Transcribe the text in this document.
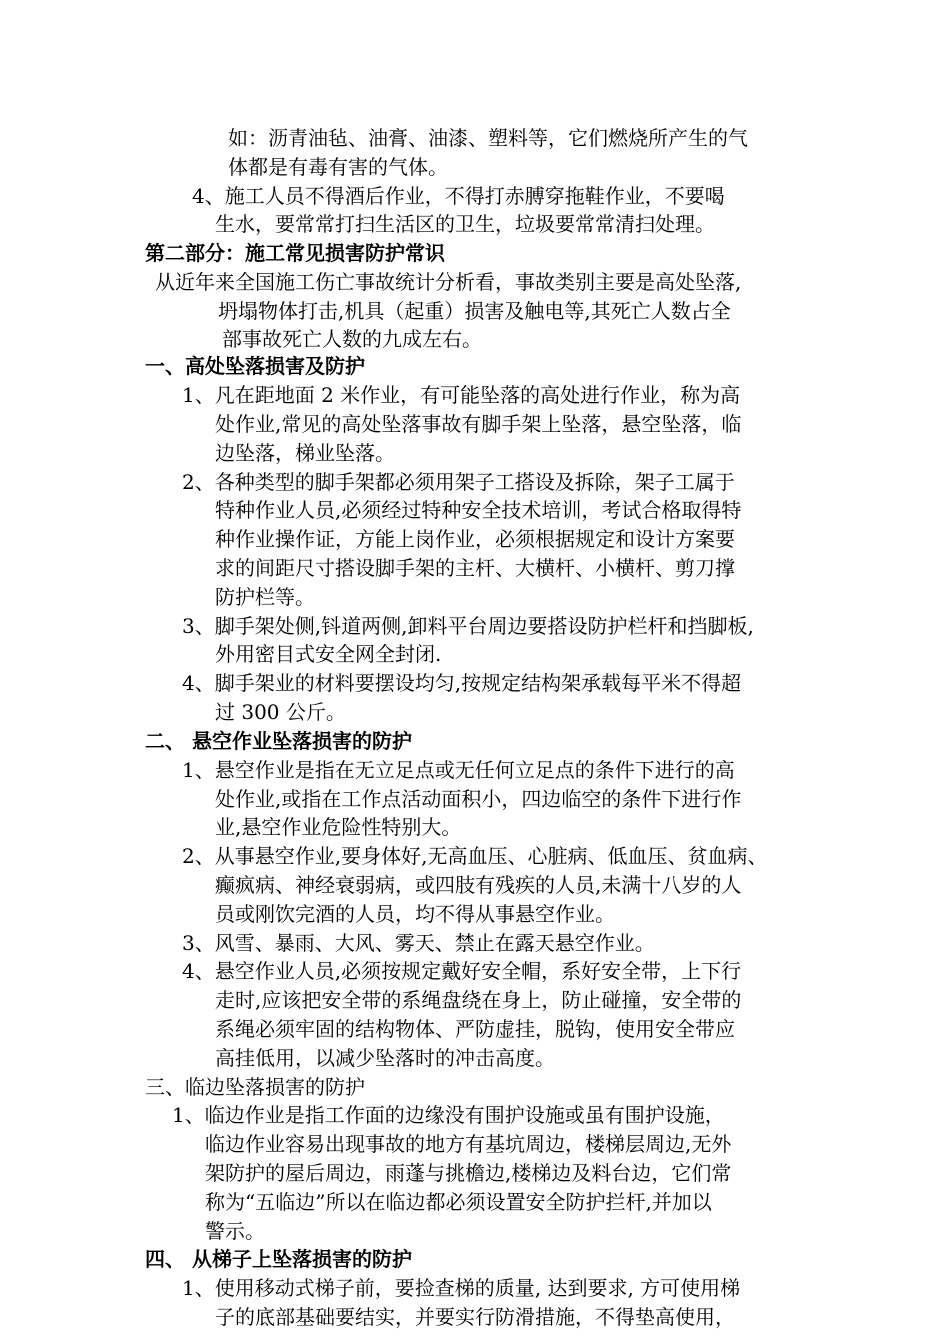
如：沥青油毡、油膏、油漆、塑料等，它们燃烧所产生的气
体都是有毒有害的气体。
4、施工人员不得酒后作业，不得打赤膊穿拖鞋作业，不要喝
生水，要常常打扫生活区的卫生，垃圾要常常清扫处理。
第二部分：施工常见损害防护常识
从近年来全国施工伤亡事故统计分析看，事故类别主要是高处坠落,
坍塌物体打击,机具（起重）损害及触电等,其死亡人数占全
部事故死亡人数的九成左右。
一、高处坠落损害及防护
1、凡在距地面 2 米作业，有可能坠落的高处进行作业，称为高
处作业,常见的高处坠落事故有脚手架上坠落，悬空坠落，临
边坠落，梯业坠落。
2、各种类型的脚手架都必须用架子工搭设及拆除，架子工属于
特种作业人员,必须经过特种安全技术培训，考试合格取得特
种作业操作证，方能上岗作业，必须根据规定和设计方案要
求的间距尺寸搭设脚手架的主杆、大横杆、小横杆、剪刀撑
防护栏等。
3、脚手架处侧,钭道两侧,卸料平台周边要搭设防护栏杆和挡脚板,
外用密目式安全网全封闭.
4、脚手架业的材料要摆设均匀,按规定结构架承载每平米不得超
过 300 公斤。
二、 悬空作业坠落损害的防护
1、悬空作业是指在无立足点或无任何立足点的条件下进行的高
处作业,或指在工作点活动面积小，四边临空的条件下进行作
业,悬空作业危险性特别大。
2、从事悬空作业,要身体好,无高血压、心脏病、低血压、贫血病、
癫疯病、神经衰弱病，或四肢有残疾的人员,未满十八岁的人
员或刚饮完酒的人员，均不得从事悬空作业。
3、风雪、暴雨、大风、雾天、禁止在露天悬空作业。
4、悬空作业人员,必须按规定戴好安全帽，系好安全带，上下行
走时,应该把安全带的系绳盘绕在身上，防止碰撞，安全带的
系绳必须牢固的结构物体、严防虚挂，脱钩，使用安全带应
高挂低用，以减少坠落时的冲击高度。
三、临边坠落损害的防护
1、临边作业是指工作面的边缘没有围护设施或虽有围护设施，
临边作业容易出现事故的地方有基坑周边，楼梯层周边,无外
架防护的屋后周边，雨蓬与挑檐边,楼梯边及料台边，它们常
称为“五临边”所以在临边都必须设置安全防护拦杆,并加以
警示。
四、 从梯子上坠落损害的防护
1、使用移动式梯子前，要捡查梯的质量, 达到要求, 方可使用梯
子的底部基础要结实，并要实行防滑措施，不得垫高使用，
